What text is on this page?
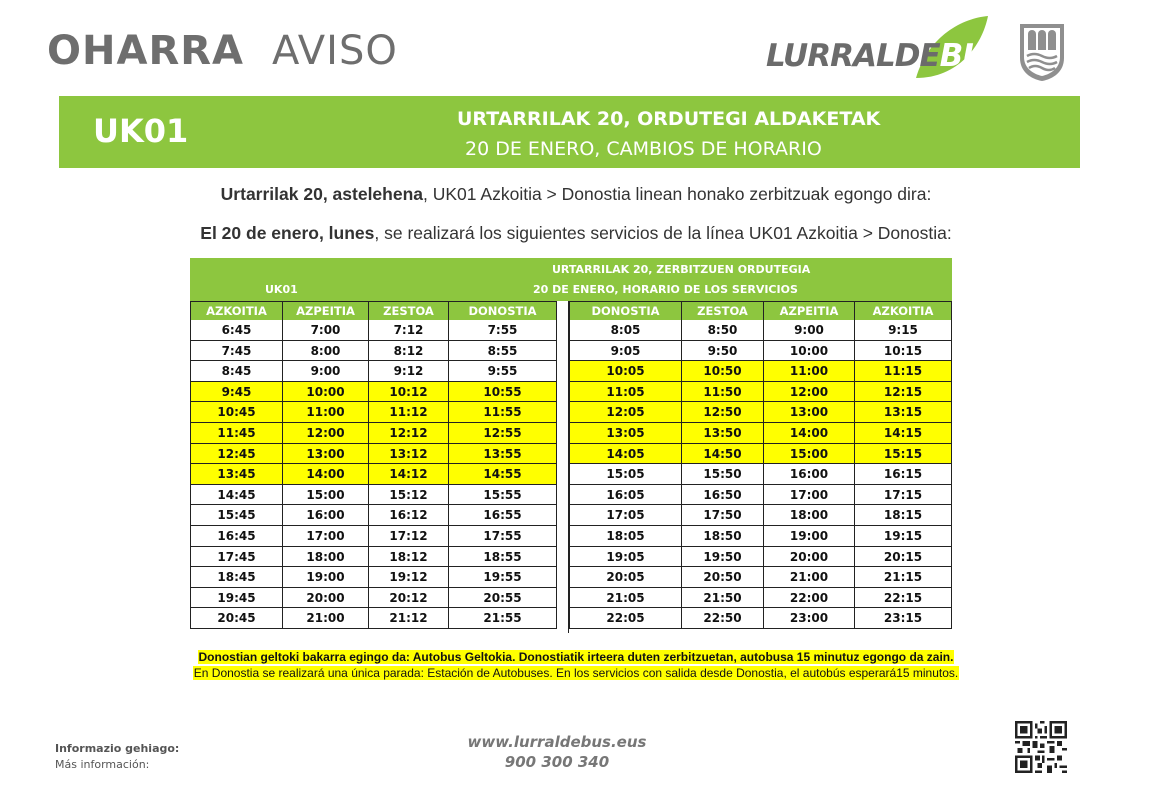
OHARRA AVISO	LURRALDEBUS
UK01	URTARRILAK 20, ORDUTEGI ALDAKETAK
20 DE ENERO, CAMBIOS DE HORARIO
Urtarrilak 20, astelehena, UK01 Azkoitia > Donostia linean honako zerbitzuak egongo dira:
El 20 de enero, lunes, se realizará los siguientes servicios de la línea UK01 Azkoitia > Donostia:
URTARRILAK 20, ZERBITZUEN ORDUTEGIA
UK01	20 DE ENERO, HORARIO DE LOS SERVICIOS
AZKOITIA	AZPEITIA	ZESTOA	DONOSTIA	DONOSTIA	ZESTOA	AZPEITIA	AZKOITIA
6:45	7:00	7:12	7:55	8:05	8:50	9:00	9:15
7:45	8:00	8:12	8:55	9:05	9:50	10:00	10:15
8:45	9:00	9:12	9:55	10:05	10:50	11:00	11:15
9:45	10:00	10:12	10:55	11:05	11:50	12:00	12:15
10:45	11:00	11:12	11:55	12:05	12:50	13:00	13:15
11:45	12:00	12:12	12:55	13:05	13:50	14:00	14:15
12:45	13:00	13:12	13:55	14:05	14:50	15:00	15:15
13:45	14:00	14:12	14:55	15:05	15:50	16:00	16:15
14:45	15:00	15:12	15:55	16:05	16:50	17:00	17:15
15:45	16:00	16:12	16:55	17:05	17:50	18:00	18:15
16:45	17:00	17:12	17:55	18:05	18:50	19:00	19:15
17:45	18:00	18:12	18:55	19:05	19:50	20:00	20:15
18:45	19:00	19:12	19:55	20:05	20:50	21:00	21:15
19:45	20:00	20:12	20:55	21:05	21:50	22:00	22:15
20:45	21:00	21:12	21:55	22:05	22:50	23:00	23:15
Donostian geltoki bakarra egingo da: Autobus Geltokia. Donostiatik irteera duten zerbitzuetan, autobusa 15 minutuz egongo da zain.
En Donostia se realizará una única parada: Estación de Autobuses. En los servicios con salida desde Donostia, el autobús esperará15 minutos.
Informazio gehiago:
Más información:
www.lurraldebus.eus
900 300 340
